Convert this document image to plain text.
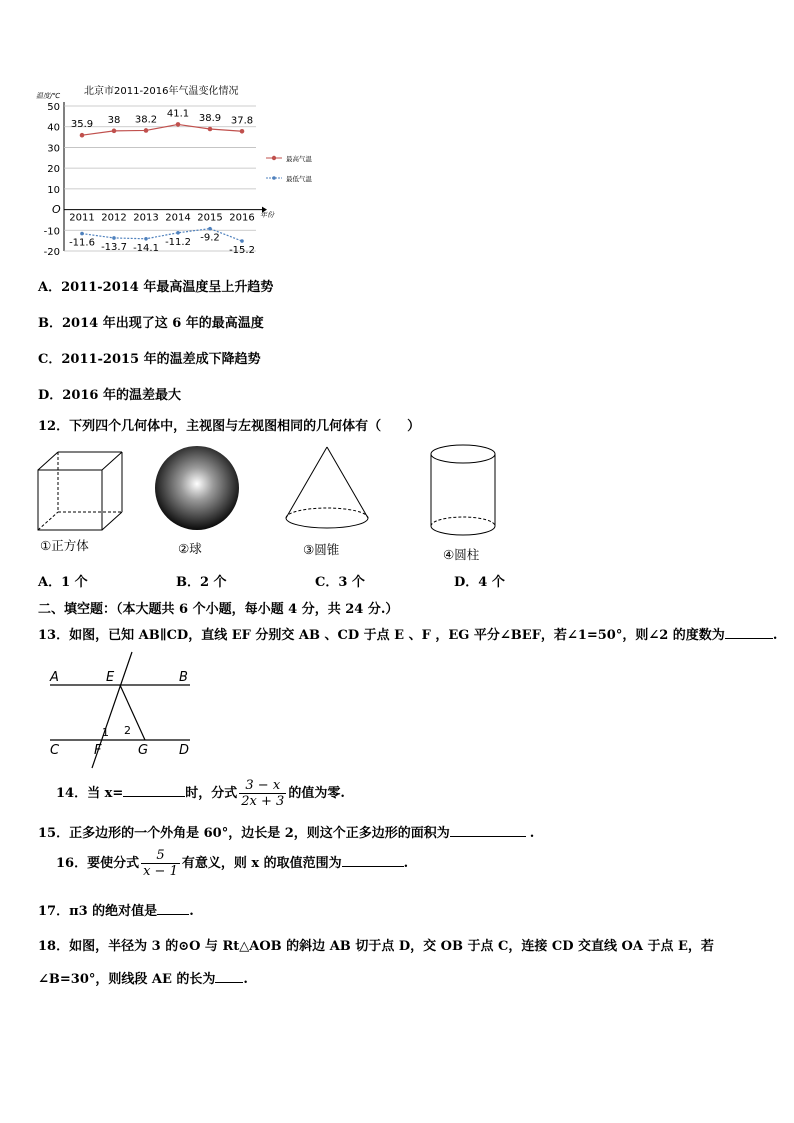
北京市2011-2016年气温变化情况
温度/℃
-20
-10
10
20
30
40
50
35.9 38 38.2
41.1 38.9 37.8
-11.6 -13.7 -14.1
-11.2 -9.2
-15.2
2011 2012 2013 2014 2015 2016
O	年份
最高气温
最低气温
A．2011-2014 年最高温度呈上升趋势
B．2014 年出现了这 6 年的最高温度
C．2011-2015 年的温差成下降趋势
D．2016 年的温差最大
12．下列四个几何体中，主视图与左视图相同的几何体有（　　）
①正方体	②球	③圆锥	④圆柱
A．1 个	B．2 个	C．3 个	D．4 个
二、填空题：（本大题共 6 个小题，每小题 4 分，共 24 分.）
13．如图，已知 AB∥CD，直线 EF 分别交 AB 、CD 于点 E 、F ，EG 平分∠BEF，若∠1=50°，则∠2 的度数为	.
A	E	B
C	F	G D
1 2
14．当 x=	时，分式 $\frac{3 - x}{2x + 3}$ 的值为零.
15．正多边形的一个外角是 60°，边长是 2，则这个正多边形的面积为	.
16．要使分式 $\frac{5}{x - 1}$ 有意义，则 x 的取值范围为	.
17．π3 的绝对值是 .
18．如图，半径为 3 的⊙O 与 Rt△AOB 的斜边 AB 切于点 D，交 OB 于点 C，连接 CD 交直线 OA 于点 E，若
∠B=30°，则线段 AE 的长为 .
